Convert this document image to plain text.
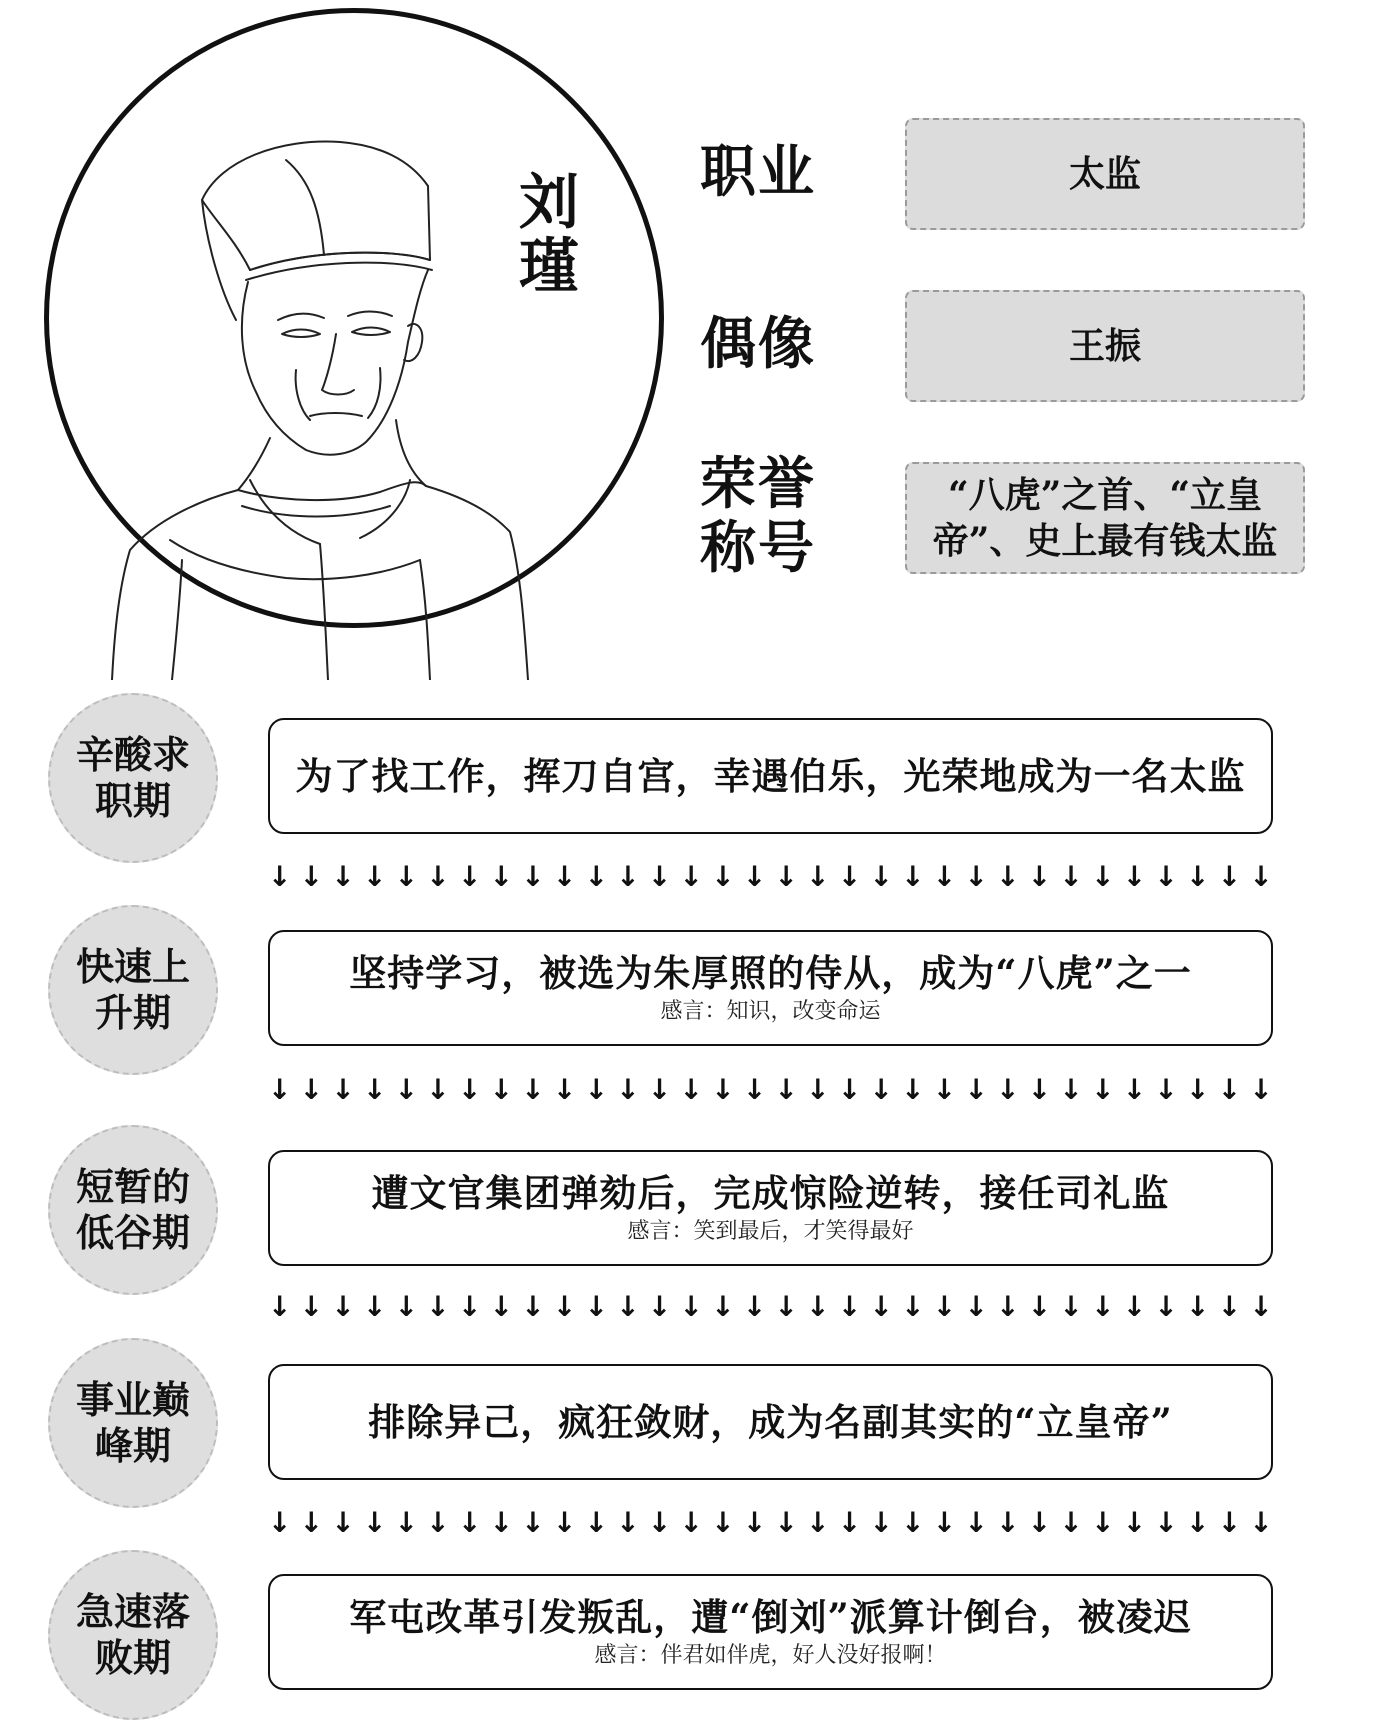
刘瑾 职业	太监
偶像	王振
荣誉称号
“八虎”之首、“立皇帝”、史上最有钱太监
辛酸求职期
为了找工作，挥刀自宫，幸遇伯乐，光荣地成为一名太监
↓ ↓ ↓ ↓ ↓ ↓ ↓ ↓ ↓ ↓ ↓ ↓ ↓ ↓ ↓ ↓ ↓ ↓ ↓ ↓ ↓ ↓ ↓ ↓ ↓ ↓ ↓ ↓ ↓ ↓ ↓ ↓
快速上升期
坚持学习，被选为朱厚照的侍从，成为“八虎”之一
感言：知识，改变命运
↓ ↓ ↓ ↓ ↓ ↓ ↓ ↓ ↓ ↓ ↓ ↓ ↓ ↓ ↓ ↓ ↓ ↓ ↓ ↓ ↓ ↓ ↓ ↓ ↓ ↓ ↓ ↓ ↓ ↓ ↓ ↓
短暂的低谷期
遭文官集团弹劾后，完成惊险逆转，接任司礼监
感言：笑到最后，才笑得最好
↓ ↓ ↓ ↓ ↓ ↓ ↓ ↓ ↓ ↓ ↓ ↓ ↓ ↓ ↓ ↓ ↓ ↓ ↓ ↓ ↓ ↓ ↓ ↓ ↓ ↓ ↓ ↓ ↓ ↓ ↓ ↓
事业巅峰期
排除异己，疯狂敛财，成为名副其实的“立皇帝”
↓ ↓ ↓ ↓ ↓ ↓ ↓ ↓ ↓ ↓ ↓ ↓ ↓ ↓ ↓ ↓ ↓ ↓ ↓ ↓ ↓ ↓ ↓ ↓ ↓ ↓ ↓ ↓ ↓ ↓ ↓ ↓
急速落败期
军屯改革引发叛乱，遭“倒刘”派算计倒台，被凌迟
感言：伴君如伴虎，好人没好报啊！
